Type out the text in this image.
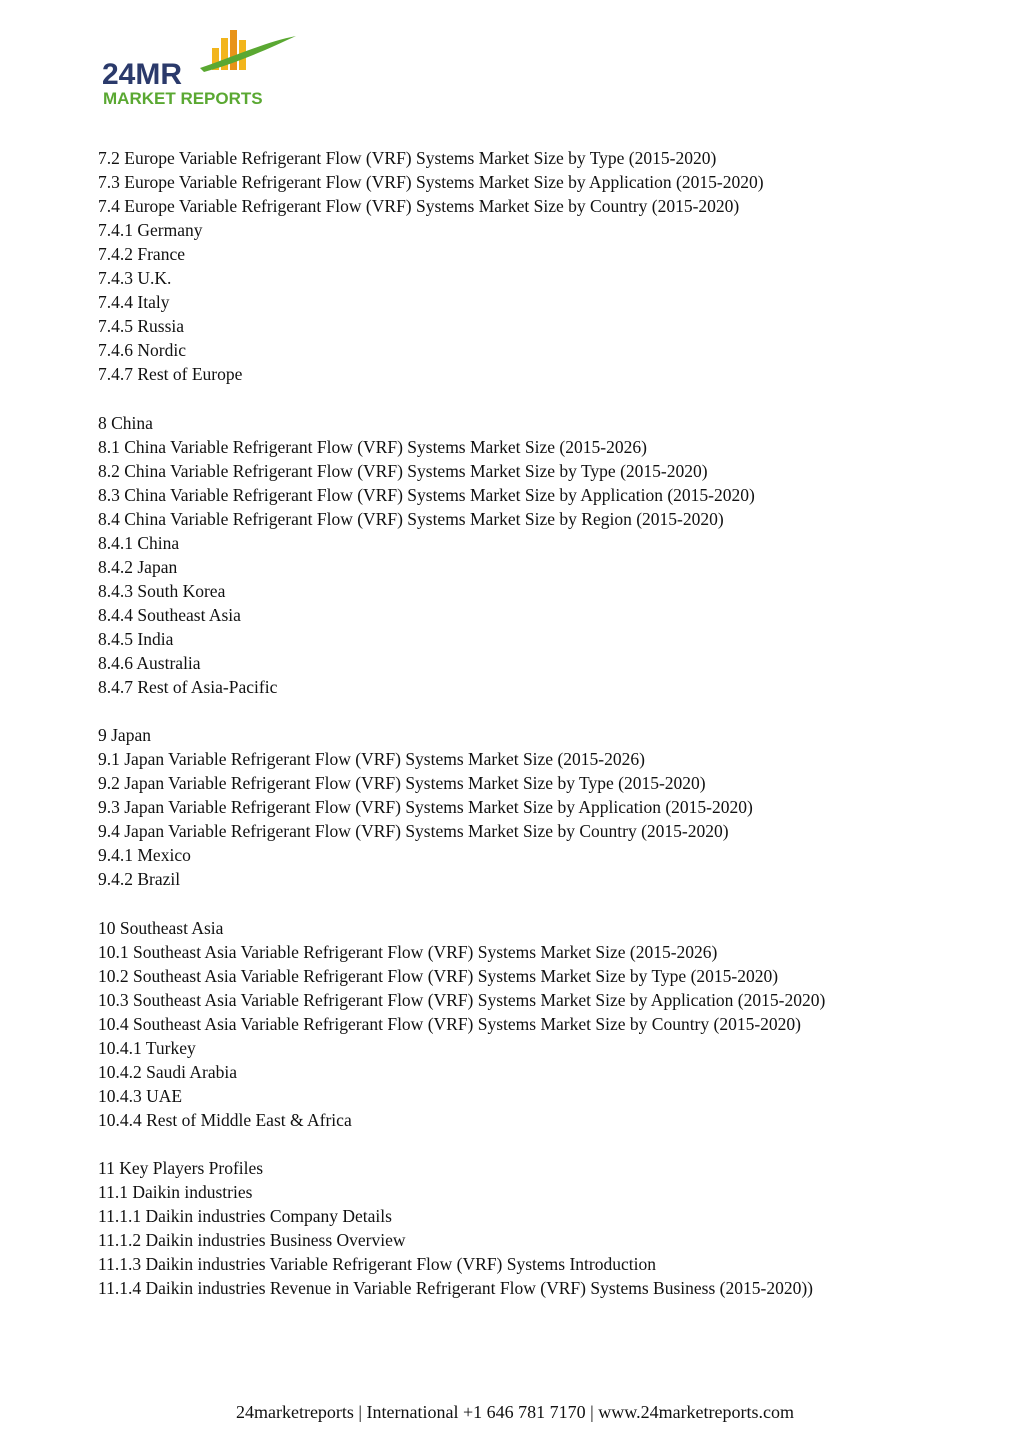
24MR
MARKET REPORTS
7.2 Europe Variable Refrigerant Flow (VRF) Systems Market Size by Type (2015-2020)
7.3 Europe Variable Refrigerant Flow (VRF) Systems Market Size by Application (2015-2020)
7.4 Europe Variable Refrigerant Flow (VRF) Systems Market Size by Country (2015-2020)
7.4.1 Germany
7.4.2 France
7.4.3 U.K.
7.4.4 Italy
7.4.5 Russia
7.4.6 Nordic
7.4.7 Rest of Europe
8 China
8.1 China Variable Refrigerant Flow (VRF) Systems Market Size (2015-2026)
8.2 China Variable Refrigerant Flow (VRF) Systems Market Size by Type (2015-2020)
8.3 China Variable Refrigerant Flow (VRF) Systems Market Size by Application (2015-2020)
8.4 China Variable Refrigerant Flow (VRF) Systems Market Size by Region (2015-2020)
8.4.1 China
8.4.2 Japan
8.4.3 South Korea
8.4.4 Southeast Asia
8.4.5 India
8.4.6 Australia
8.4.7 Rest of Asia-Pacific
9 Japan
9.1 Japan Variable Refrigerant Flow (VRF) Systems Market Size (2015-2026)
9.2 Japan Variable Refrigerant Flow (VRF) Systems Market Size by Type (2015-2020)
9.3 Japan Variable Refrigerant Flow (VRF) Systems Market Size by Application (2015-2020)
9.4 Japan Variable Refrigerant Flow (VRF) Systems Market Size by Country (2015-2020)
9.4.1 Mexico
9.4.2 Brazil
10 Southeast Asia
10.1 Southeast Asia Variable Refrigerant Flow (VRF) Systems Market Size (2015-2026)
10.2 Southeast Asia Variable Refrigerant Flow (VRF) Systems Market Size by Type (2015-2020)
10.3 Southeast Asia Variable Refrigerant Flow (VRF) Systems Market Size by Application (2015-2020)
10.4 Southeast Asia Variable Refrigerant Flow (VRF) Systems Market Size by Country (2015-2020)
10.4.1 Turkey
10.4.2 Saudi Arabia
10.4.3 UAE
10.4.4 Rest of Middle East & Africa
11 Key Players Profiles
11.1 Daikin industries
11.1.1 Daikin industries Company Details
11.1.2 Daikin industries Business Overview
11.1.3 Daikin industries Variable Refrigerant Flow (VRF) Systems Introduction
11.1.4 Daikin industries Revenue in Variable Refrigerant Flow (VRF) Systems Business (2015-2020))
24marketreports | International +1 646 781 7170 | www.24marketreports.com
